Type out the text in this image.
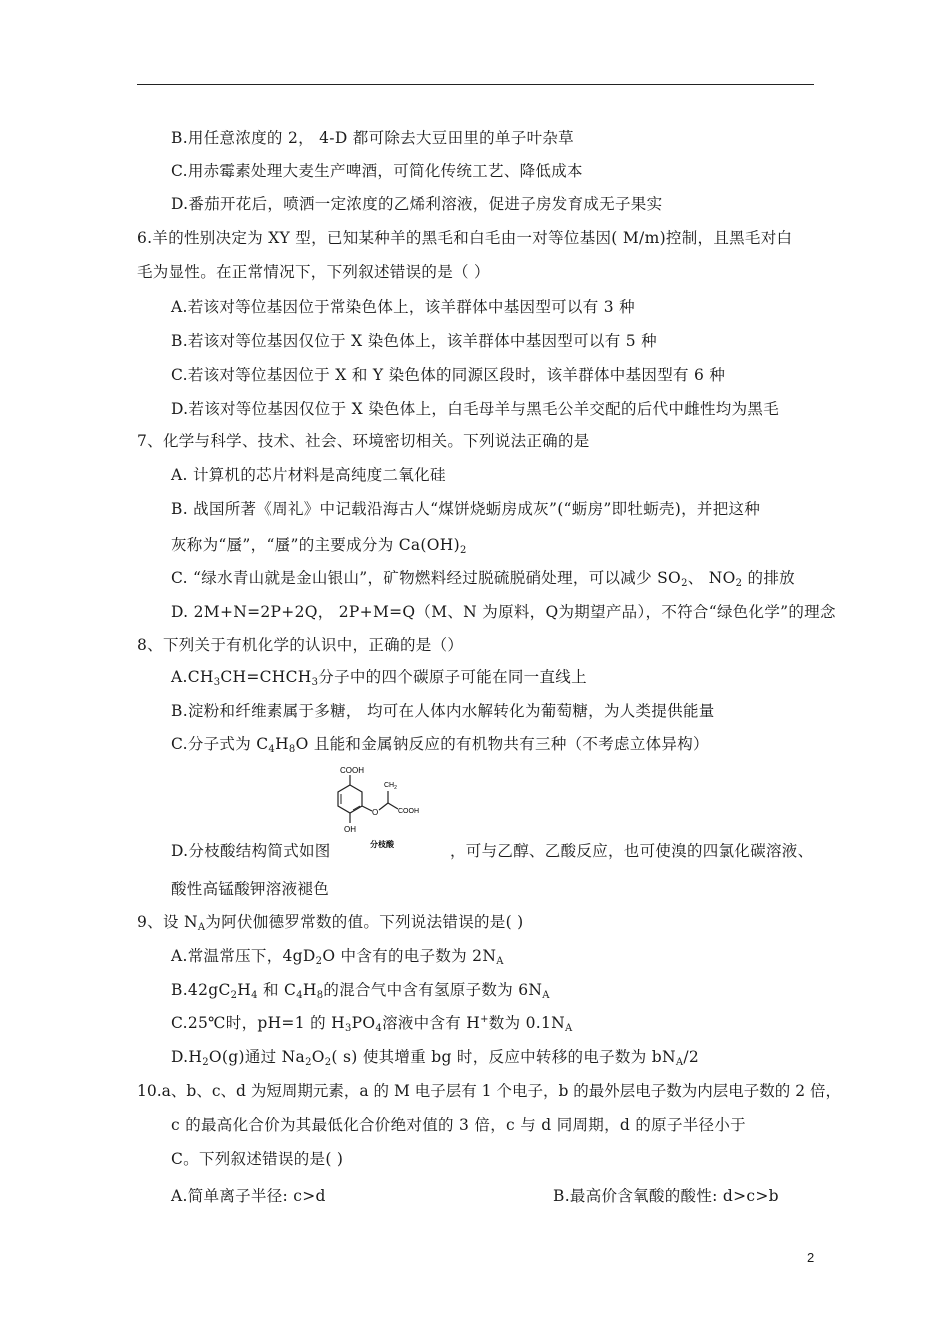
B.用任意浓度的 2， 4-D 都可除去大豆田里的单子叶杂草
C.用赤霉素处理大麦生产啤酒，可简化传统工艺、降低成本
D.番茄开花后，喷洒一定浓度的乙烯利溶液，促进子房发育成无子果实
6.羊的性别决定为 XY 型，已知某种羊的黑毛和白毛由一对等位基因( M/m)控制，且黑毛对白
毛为显性。在正常情况下，下列叙述错误的是（ ）
A.若该对等位基因位于常染色体上，该羊群体中基因型可以有 3 种
B.若该对等位基因仅位于 X 染色体上，该羊群体中基因型可以有 5 种
C.若该对等位基因位于 X 和 Y 染色体的同源区段时，该羊群体中基因型有 6 种
D.若该对等位基因仅位于 X 染色体上，白毛母羊与黑毛公羊交配的后代中雌性均为黑毛
7、化学与科学、技术、社会、环境密切相关。下列说法正确的是
A. 计算机的芯片材料是高纯度二氧化硅
B. 战国所著《周礼》中记载沿海古人“煤饼烧蛎房成灰”(“蛎房”即牡蛎壳)，并把这种
灰称为“蜃”，“蜃”的主要成分为 $Ca(OH)_2$
C. “绿水青山就是金山银山”，矿物燃料经过脱硫脱硝处理，可以减少 $SO_2$、 $NO_2$ 的排放
D. 2M+N=2P+2Q， 2P+M=Q（M、N 为原料，Q为期望产品），不符合“绿色化学”的理念
8、下列关于有机化学的认识中，正确的是（）
$A.CH_3CH=CHCH_3$分子中的四个碳原子可能在同一直线上
B.淀粉和纤维素属于多糖， 均可在人体内水解转化为葡萄糖，为人类提供能量
C.分子式为 $C_4H_8O$ 且能和金属钠反应的有机物共有三种（不考虑立体异构）
COOH
OH
O
$CH_2$
COOH
分枝酸
D.分枝酸结构简式如图	，可与乙醇、乙酸反应，也可使溴的四氯化碳溶液、
酸性高锰酸钾溶液褪色
9、设 $N_A$为阿伏伽德罗常数的值。下列说法错误的是( )
A.常温常压下，$4gD_2O$ 中含有的电子数为 $2N_A$
$B.42gC_2H_4$ 和 $C_4H_8$的混合气中含有氢原子数为 $6N_A$
C.25℃时，pH=1 的 $H_3PO_4$溶液中含有 H+数为 $0.1N_A$
$D.H_2O(g)$通过 $Na_2O_2$( s) 使其增重 bg 时，反应中转移的电子数为 $bN_A/2$
10.a、b、c、d 为短周期元素，a 的 M 电子层有 1 个电子，b 的最外层电子数为内层电子数的 2 倍，
c 的最高化合价为其最低化合价绝对值的 3 倍，c 与 d 同周期，d 的原子半径小于
C。下列叙述错误的是( )
A.简单离子半径: c>d	B.最高价含氧酸的酸性: d>c>b
2
